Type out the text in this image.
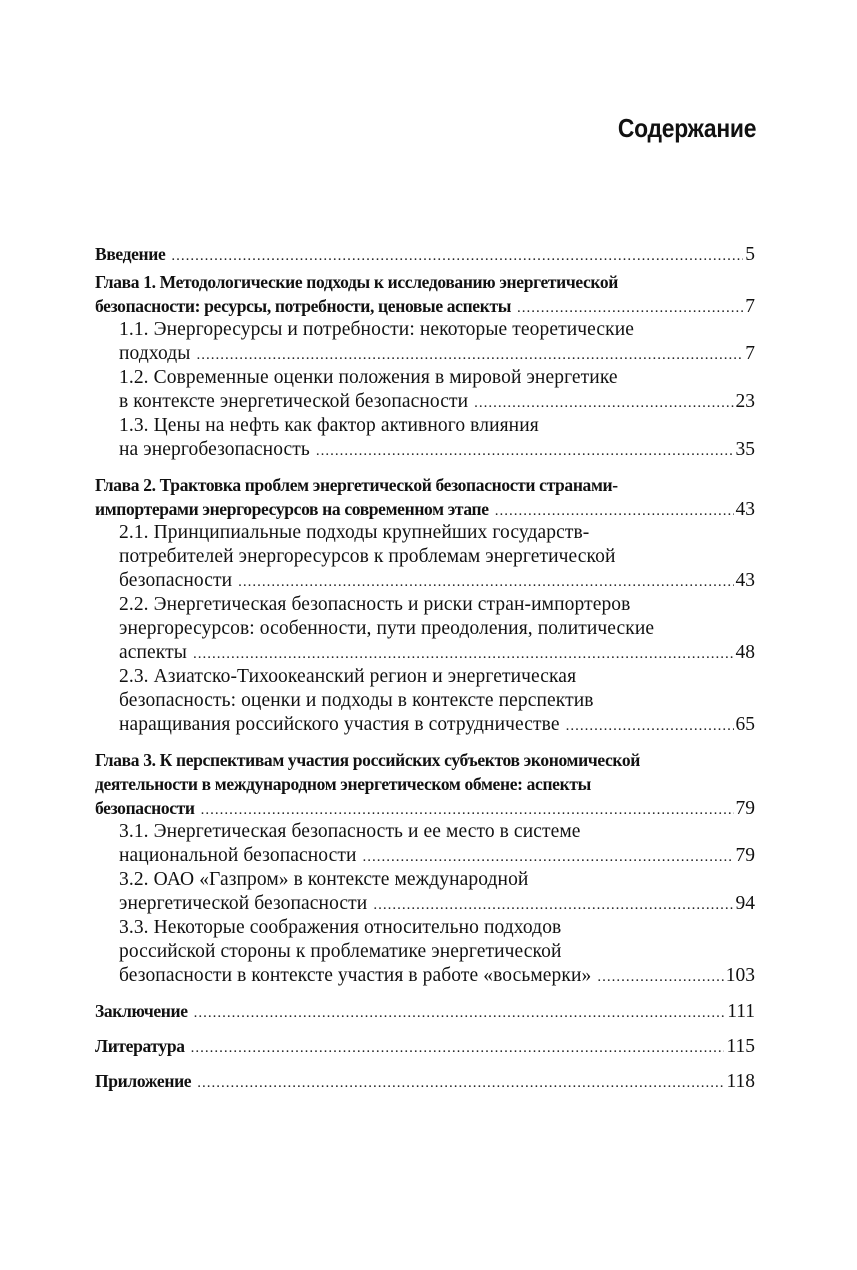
Содержание
Введение .....	5
Глава 1. Методологические подходы к исследованию энергетической
безопасности: ресурсы, потребности, ценовые аспекты .....	7
1.1. Энергоресурсы и потребности: некоторые теоретические
подходы .....	7
1.2. Современные оценки положения в мировой энергетике
в контексте энергетической безопасности .....	23
1.3. Цены на нефть как фактор активного влияния
на энергобезопасность .....	35
Глава 2. Трактовка проблем энергетической безопасности странами-
импортерами энергоресурсов на современном этапе .....	43
2.1. Принципиальные подходы крупнейших государств-
потребителей энергоресурсов к проблемам энергетической
безопасности .....	43
2.2. Энергетическая безопасность и риски стран-импортеров
энергоресурсов: особенности, пути преодоления, политические
аспекты .....	48
2.3. Азиатско-Тихоокеанский регион и энергетическая
безопасность: оценки и подходы в контексте перспектив
наращивания российского участия в сотрудничестве .....	65
Глава 3. К перспективам участия российских субъектов экономической
деятельности в международном энергетическом обмене: аспекты
безопасности .....	79
3.1. Энергетическая безопасность и ее место в системе
национальной безопасности .....	79
3.2. ОАО «Газпром» в контексте международной
энергетической безопасности .....	94
3.3. Некоторые соображения относительно подходов
российской стороны к проблематике энергетической
безопасности в контексте участия в работе «восьмерки» .....	103
Заключение .....	111
Литература .....	115
Приложение .....	118
